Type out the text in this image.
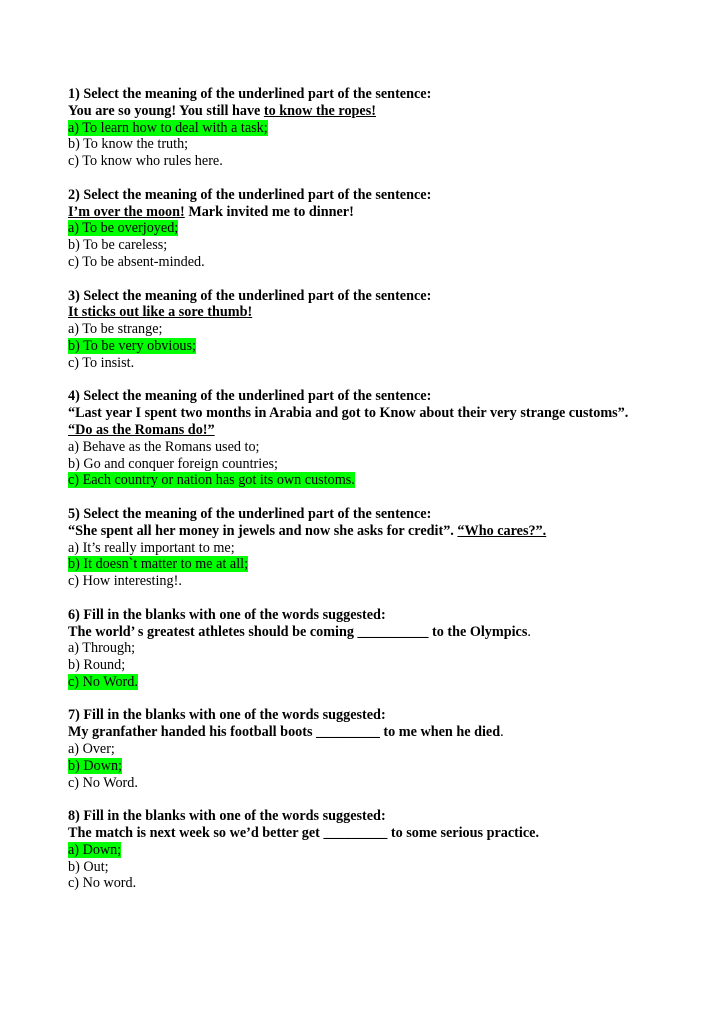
1) Select the meaning of the underlined part of the sentence:
You are so young! You still have to know the ropes!
a) To learn how to deal with a task;
b) To know the truth;
c) To know who rules here.
2) Select the meaning of the underlined part of the sentence:
I’m over the moon! Mark invited me to dinner!
a) To be overjoyed;
b) To be careless;
c) To be absent-minded.
3) Select the meaning of the underlined part of the sentence:
It sticks out like a sore thumb!
a) To be strange;
b) To be very obvious;
c) To insist.
4) Select the meaning of the underlined part of the sentence:
“Last year I spent two months in Arabia and got to Know about their very strange customs”.
“Do as the Romans do!”
a) Behave as the Romans used to;
b) Go and conquer foreign countries;
c) Each country or nation has got its own customs.
5) Select the meaning of the underlined part of the sentence:
“She spent all her money in jewels and now she asks for credit”. “Who cares?”.
a) It’s really important to me;
b) It doesn`t matter to me at all;
c) How interesting!.
6) Fill in the blanks with one of the words suggested:
The world’ s greatest athletes should be coming __________ to the Olympics.
a) Through;
b) Round;
c) No Word.
7) Fill in the blanks with one of the words suggested:
My granfather handed his football boots _________ to me when he died.
a) Over;
b) Down;
c) No Word.
8) Fill in the blanks with one of the words suggested:
The match is next week so we’d better get _________ to some serious practice.
a) Down;
b) Out;
c) No word.
